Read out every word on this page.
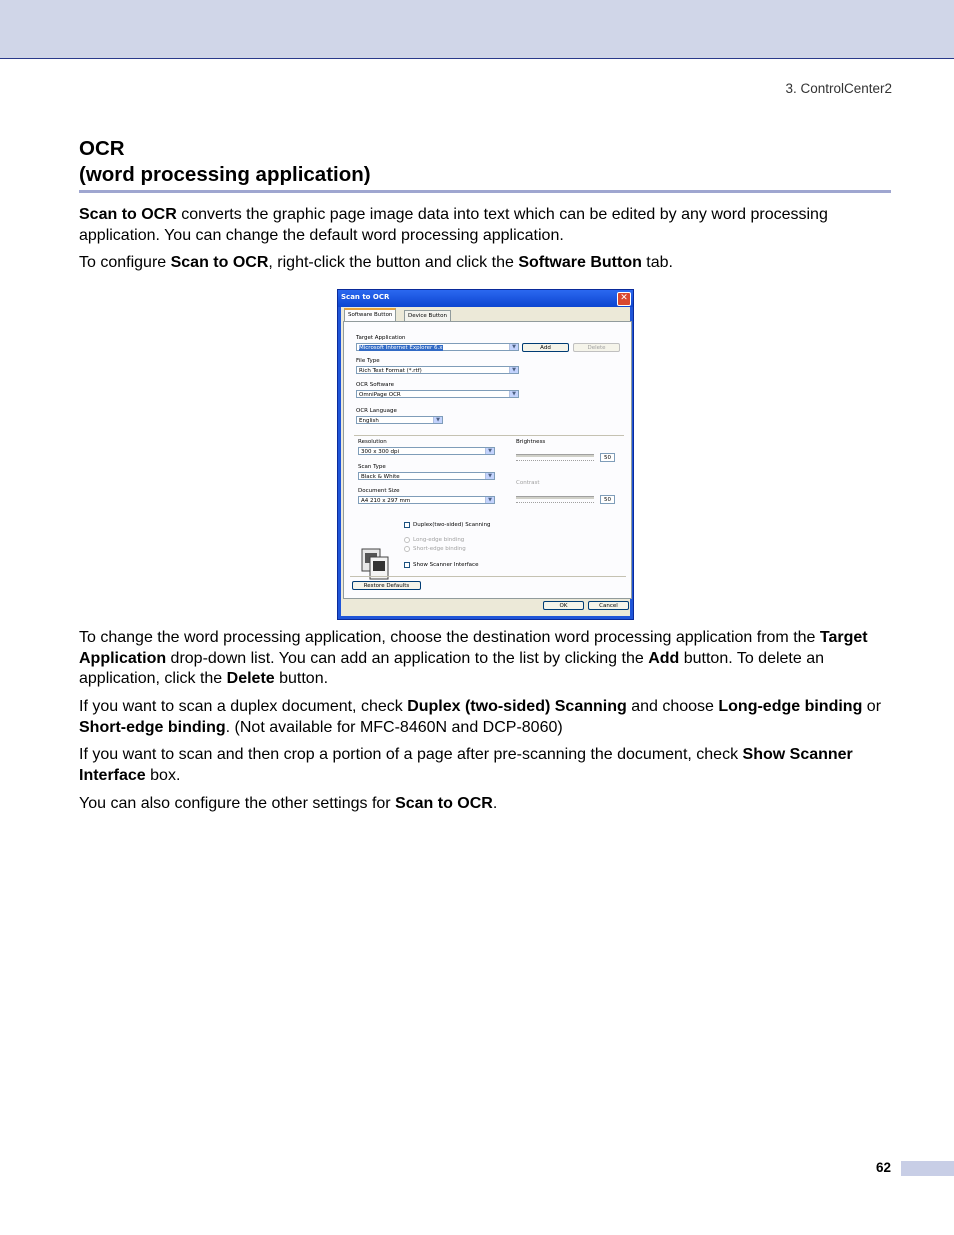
3. ControlCenter2
OCR
(word processing application)

Scan to OCR converts the graphic page image data into text which can be edited by any word processing application. You can change the default word processing application.

To configure Scan to OCR, right-click the button and click the Software Button tab.

Scan to OCR	✕
Software Button	Device Button
Target Application
Microsoft Internet Explorer 6.x	▼	Add	Delete
File Type
Rich Text Format (*.rtf)	▼
OCR Software
OmniPage OCR	▼
OCR Language
English	▼
Resolution
300 x 300 dpi	▼
Scan Type
Black & White	▼
Document Size
A4 210 x 297 mm	▼
Brightness
50
Contrast
50
Duplex(two-sided) Scanning
Long-edge binding
Short-edge binding
Show Scanner Interface
Restore Defaults
OK	Cancel

To change the word processing application, choose the destination word processing application from the Target Application drop-down list. You can add an application to the list by clicking the Add button. To delete an application, click the Delete button.

If you want to scan a duplex document, check Duplex (two-sided) Scanning and choose Long-edge binding or Short-edge binding. (Not available for MFC-8460N and DCP-8060)

If you want to scan and then crop a portion of a page after pre-scanning the document, check Show Scanner Interface box.

You can also configure the other settings for Scan to OCR.

62
